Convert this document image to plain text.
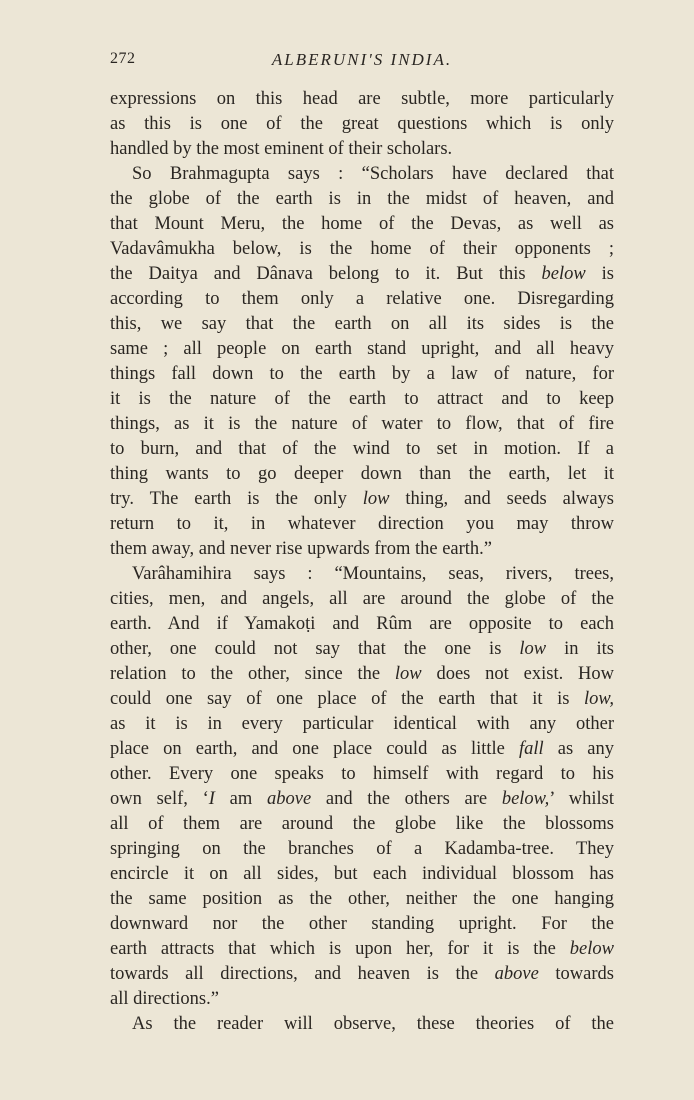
272	ALBERUNI'S INDIA.
expressions on this head are subtle, more particularly
as this is one of the great questions which is only
handled by the most eminent of their scholars.
So Brahmagupta says : “Scholars have declared that
the globe of the earth is in the midst of heaven, and
that Mount Meru, the home of the Devas, as well as
Vadavâmukha below, is the home of their opponents ;
the Daitya and Dânava belong to it. But this below is
according to them only a relative one. Disregarding
this, we say that the earth on all its sides is the
same ; all people on earth stand upright, and all heavy
things fall down to the earth by a law of nature, for
it is the nature of the earth to attract and to keep
things, as it is the nature of water to flow, that of fire
to burn, and that of the wind to set in motion. If a
thing wants to go deeper down than the earth, let it
try. The earth is the only low thing, and seeds always
return to it, in whatever direction you may throw
them away, and never rise upwards from the earth.”
Varâhamihira says : “Mountains, seas, rivers, trees,
cities, men, and angels, all are around the globe of the
earth. And if Yamakoṭi and Rûm are opposite to each
other, one could not say that the one is low in its
relation to the other, since the low does not exist. How
could one say of one place of the earth that it is low,
as it is in every particular identical with any other
place on earth, and one place could as little fall as any
other. Every one speaks to himself with regard to his
own self, ‘I am above and the others are below,’ whilst
all of them are around the globe like the blossoms
springing on the branches of a Kadamba-tree. They
encircle it on all sides, but each individual blossom has
the same position as the other, neither the one hanging
downward nor the other standing upright. For the
earth attracts that which is upon her, for it is the below
towards all directions, and heaven is the above towards
all directions.”
As the reader will observe, these theories of the
